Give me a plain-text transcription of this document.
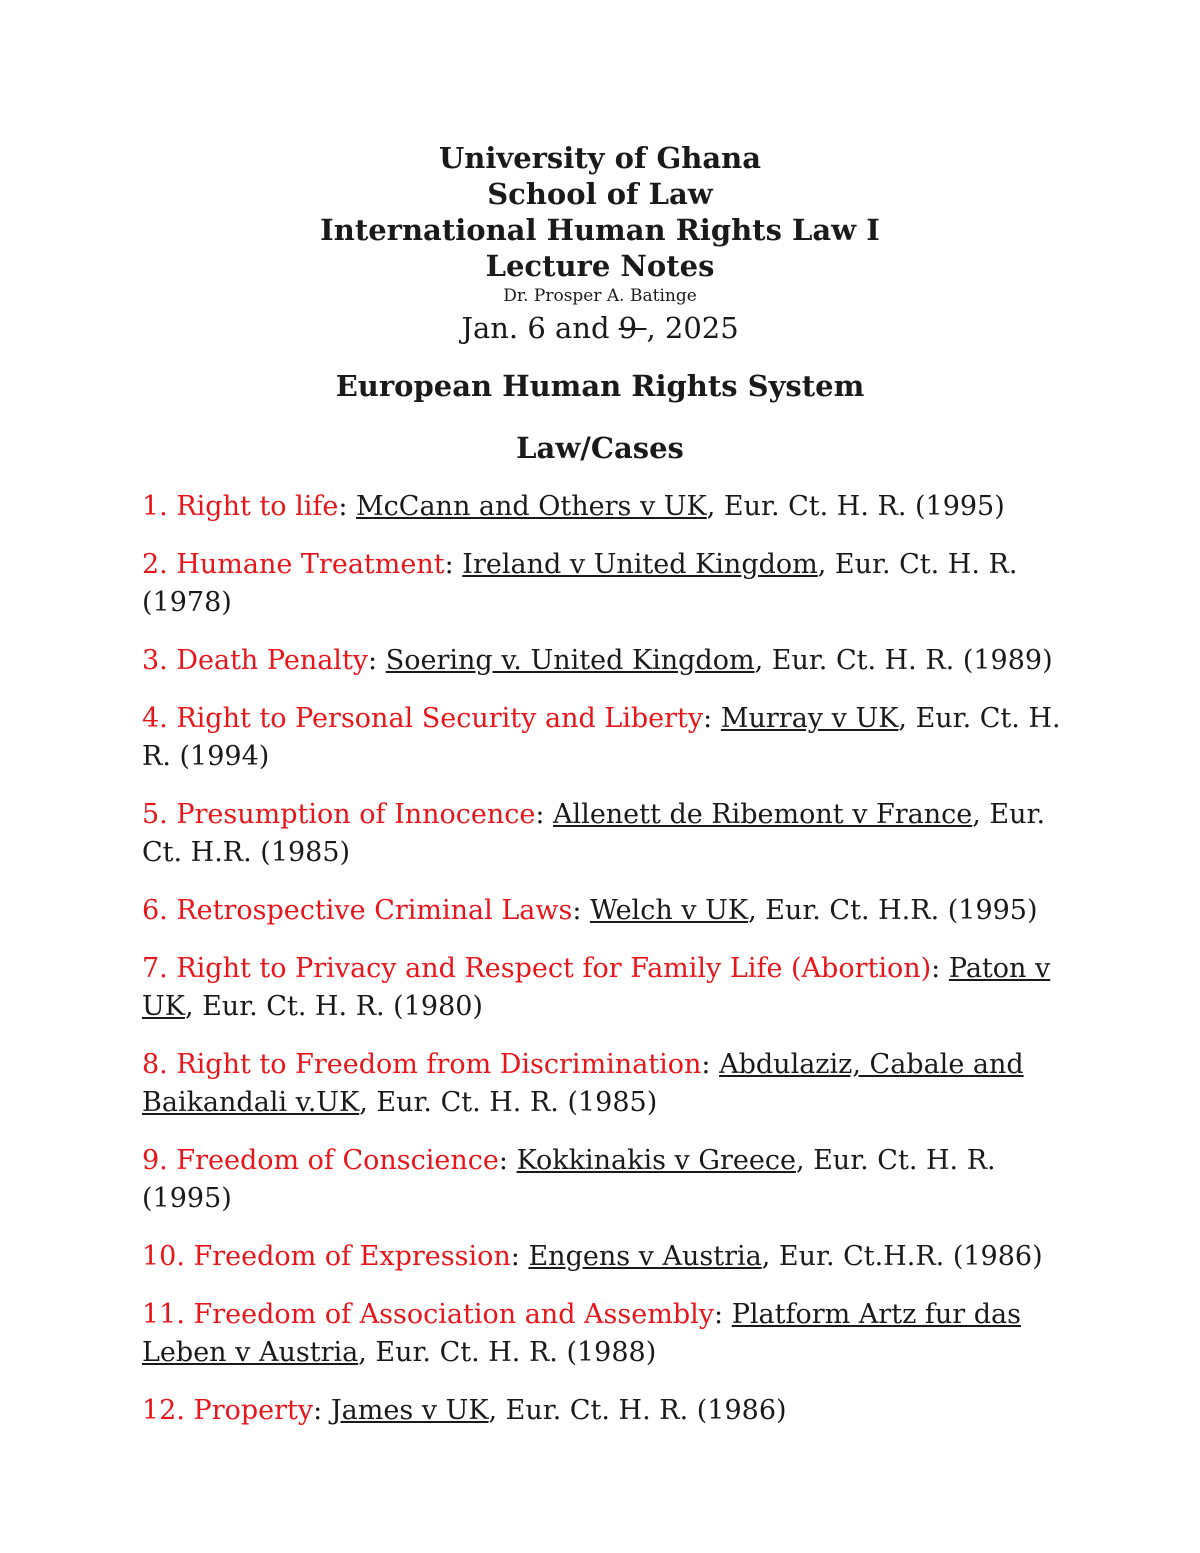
University of Ghana
School of Law
International Human Rights Law I
Lecture Notes
Dr. Prosper A. Batinge
Jan. 6 and 9 , 2025
European Human Rights System
Law/Cases

1. Right to life: McCann and Others v UK, Eur. Ct. H. R. (1995)

2. Humane Treatment: Ireland v United Kingdom, Eur. Ct. H. R. (1978)

3. Death Penalty: Soering v. United Kingdom, Eur. Ct. H. R. (1989)

4. Right to Personal Security and Liberty: Murray v UK, Eur. Ct. H. R. (1994)

5. Presumption of Innocence: Allenett de Ribemont v France, Eur. Ct. H.R. (1985)

6. Retrospective Criminal Laws: Welch v UK, Eur. Ct. H.R. (1995)

7. Right to Privacy and Respect for Family Life (Abortion): Paton v UK, Eur. Ct. H. R. (1980)

8. Right to Freedom from Discrimination: Abdulaziz, Cabale and Baikandali v.UK, Eur. Ct. H. R. (1985)

9. Freedom of Conscience: Kokkinakis v Greece, Eur. Ct. H. R. (1995)

10. Freedom of Expression: Engens v Austria, Eur. Ct.H.R. (1986)

11. Freedom of Association and Assembly: Platform Artz fur das Leben v Austria, Eur. Ct. H. R. (1988)

12. Property: James v UK, Eur. Ct. H. R. (1986)
